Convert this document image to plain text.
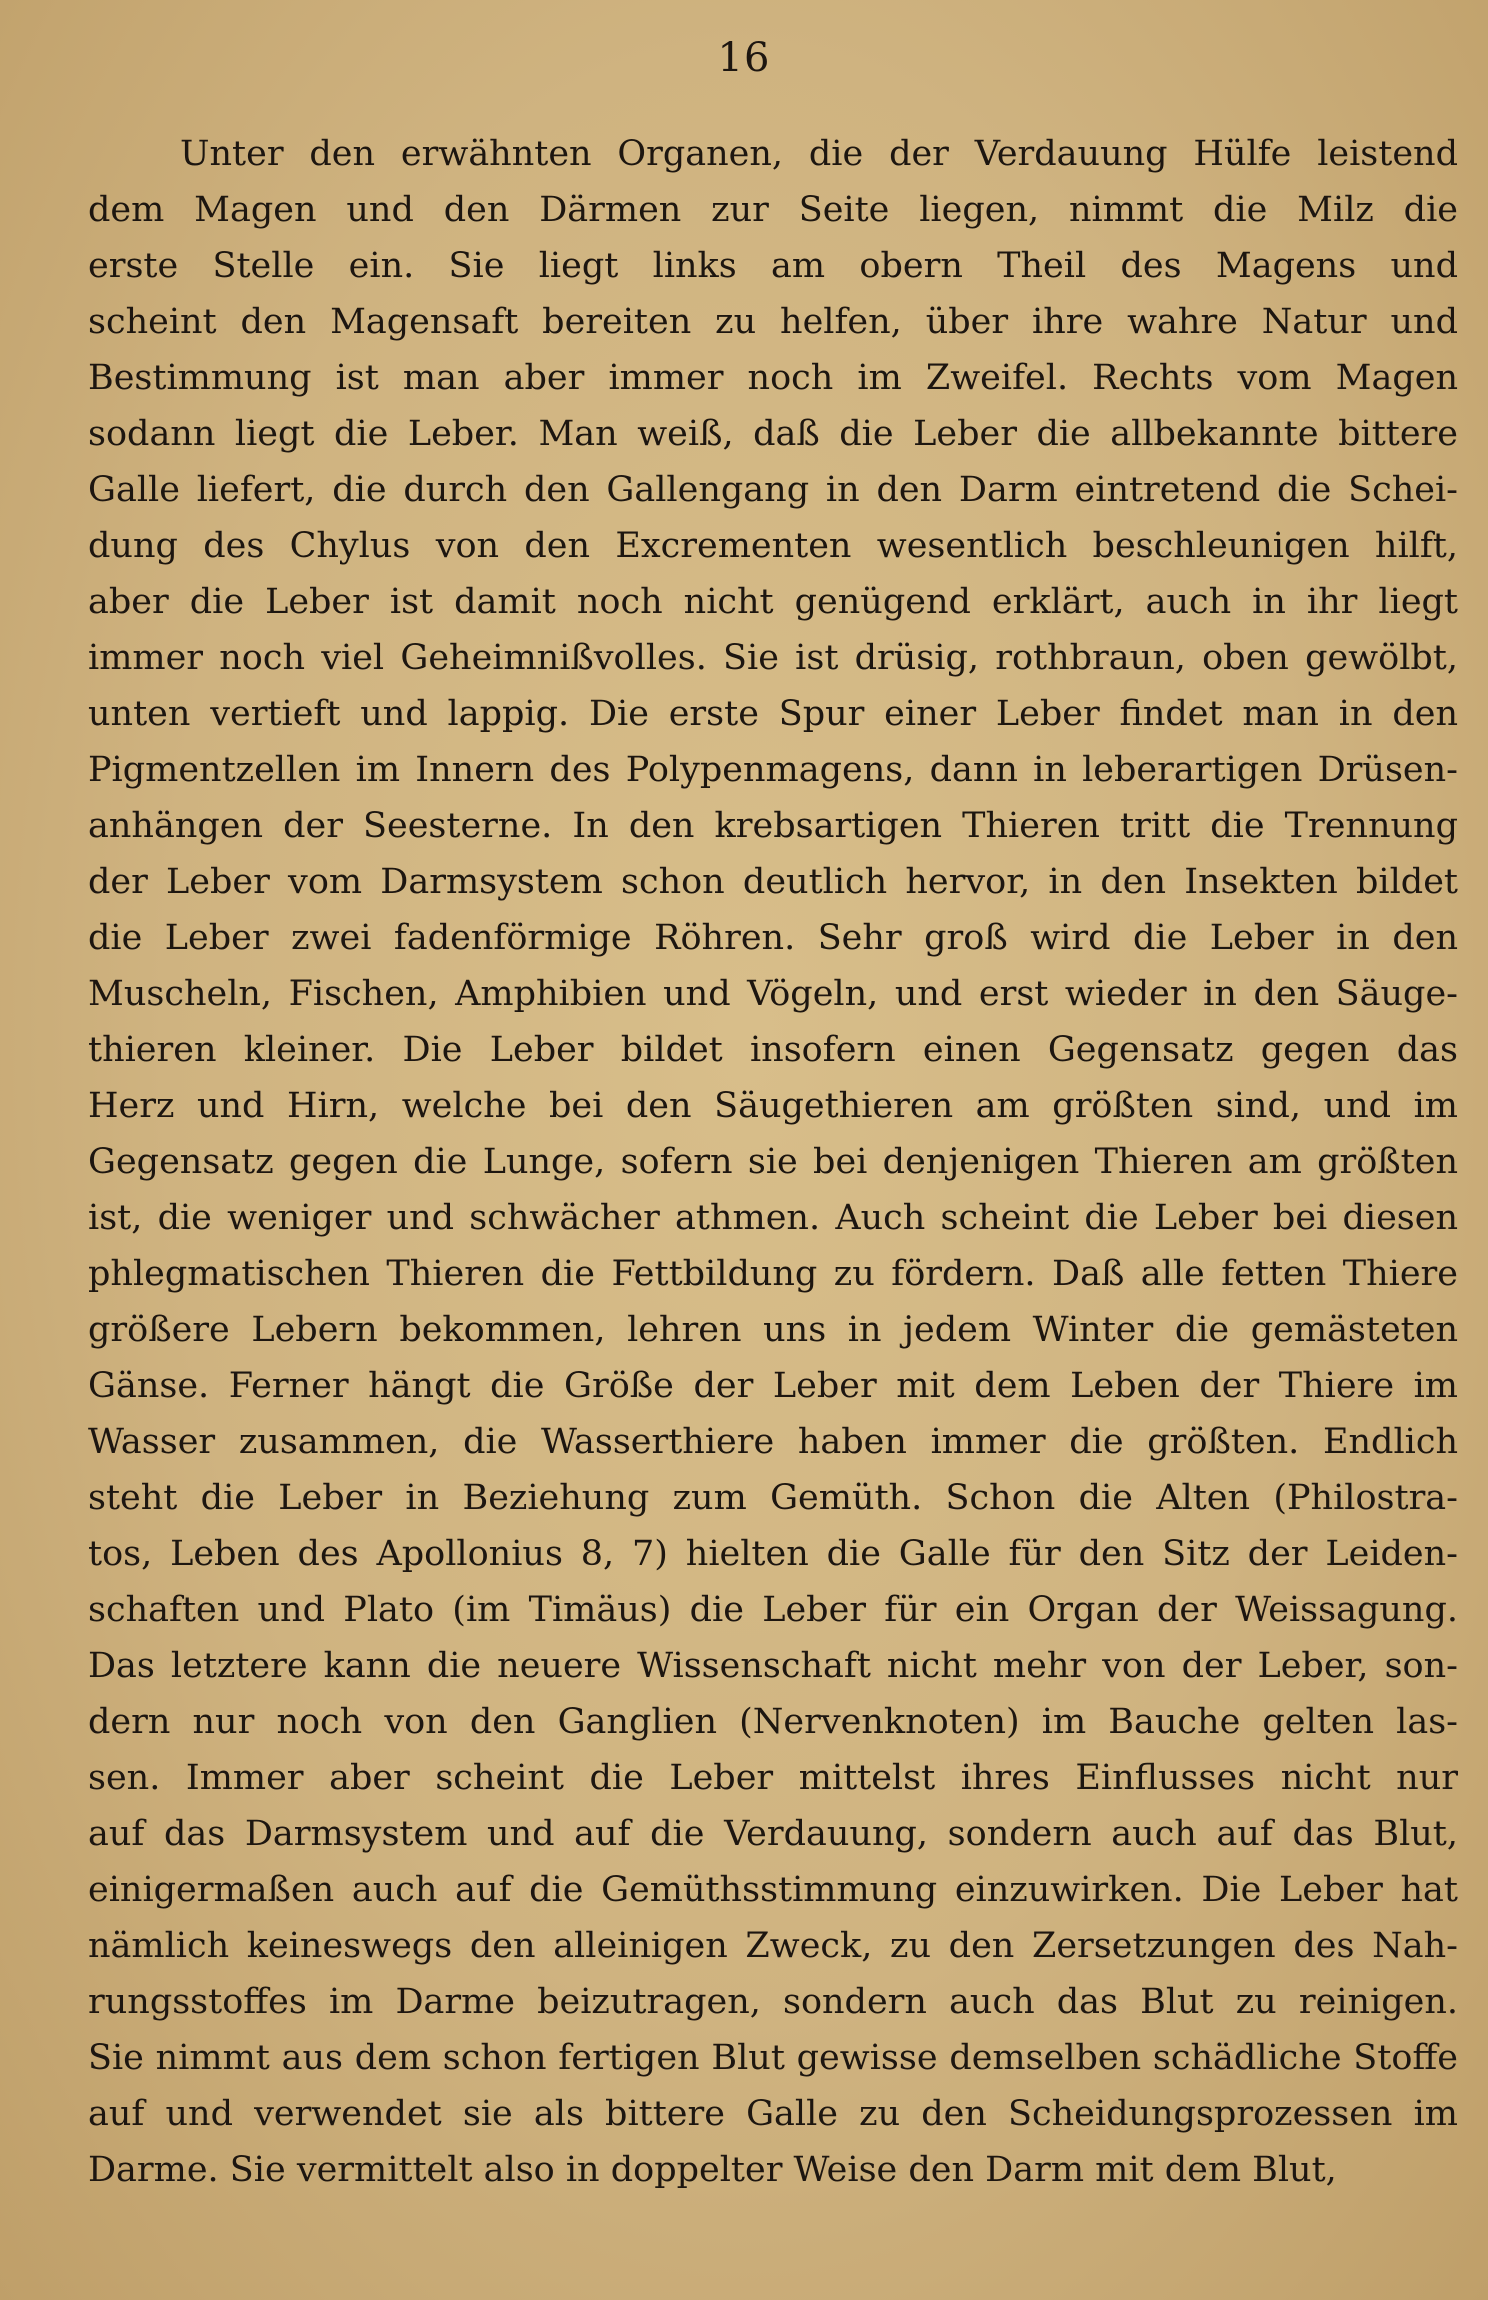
16
Unter den erwähnten Organen, die der Verdauung Hülfe leistend
dem Magen und den Därmen zur Seite liegen, nimmt die Milz die
erste Stelle ein. Sie liegt links am obern Theil des Magens und
scheint den Magensaft bereiten zu helfen, über ihre wahre Natur und
Bestimmung ist man aber immer noch im Zweifel. Rechts vom Magen
sodann liegt die Leber. Man weiß, daß die Leber die allbekannte bittere
Galle liefert, die durch den Gallengang in den Darm eintretend die Schei-
dung des Chylus von den Excrementen wesentlich beschleunigen hilft,
aber die Leber ist damit noch nicht genügend erklärt, auch in ihr liegt
immer noch viel Geheimnißvolles. Sie ist drüsig, rothbraun, oben gewölbt,
unten vertieft und lappig. Die erste Spur einer Leber findet man in den
Pigmentzellen im Innern des Polypenmagens, dann in leberartigen Drüsen-
anhängen der Seesterne. In den krebsartigen Thieren tritt die Trennung
der Leber vom Darmsystem schon deutlich hervor, in den Insekten bildet
die Leber zwei fadenförmige Röhren. Sehr groß wird die Leber in den
Muscheln, Fischen, Amphibien und Vögeln, und erst wieder in den Säuge-
thieren kleiner. Die Leber bildet insofern einen Gegensatz gegen das
Herz und Hirn, welche bei den Säugethieren am größten sind, und im
Gegensatz gegen die Lunge, sofern sie bei denjenigen Thieren am größten
ist, die weniger und schwächer athmen. Auch scheint die Leber bei diesen
phlegmatischen Thieren die Fettbildung zu fördern. Daß alle fetten Thiere
größere Lebern bekommen, lehren uns in jedem Winter die gemästeten
Gänse. Ferner hängt die Größe der Leber mit dem Leben der Thiere im
Wasser zusammen, die Wasserthiere haben immer die größten. Endlich
steht die Leber in Beziehung zum Gemüth. Schon die Alten (Philostra-
tos, Leben des Apollonius 8, 7) hielten die Galle für den Sitz der Leiden-
schaften und Plato (im Timäus) die Leber für ein Organ der Weissagung.
Das letztere kann die neuere Wissenschaft nicht mehr von der Leber, son-
dern nur noch von den Ganglien (Nervenknoten) im Bauche gelten las-
sen. Immer aber scheint die Leber mittelst ihres Einflusses nicht nur
auf das Darmsystem und auf die Verdauung, sondern auch auf das Blut,
einigermaßen auch auf die Gemüthsstimmung einzuwirken. Die Leber hat
nämlich keineswegs den alleinigen Zweck, zu den Zersetzungen des Nah-
rungsstoffes im Darme beizutragen, sondern auch das Blut zu reinigen.
Sie nimmt aus dem schon fertigen Blut gewisse demselben schädliche Stoffe
auf und verwendet sie als bittere Galle zu den Scheidungsprozessen im
Darme. Sie vermittelt also in doppelter Weise den Darm mit dem Blut,
